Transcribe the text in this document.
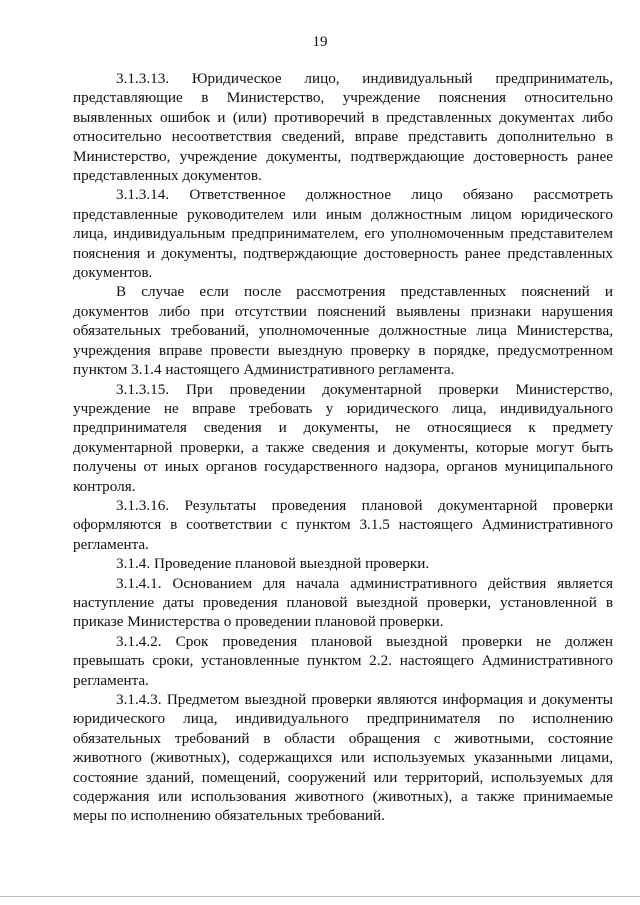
19

3.1.3.13. Юридическое лицо, индивидуальный предприниматель, представляющие в Министерство, учреждение пояснения относительно выявленных ошибок и (или) противоречий в представленных документах либо относительно несоответствия сведений, вправе представить дополнительно в Министерство, учреждение документы, подтверждающие достоверность ранее представленных документов.

3.1.3.14. Ответственное должностное лицо обязано рассмотреть представленные руководителем или иным должностным лицом юридического лица, индивидуальным предпринимателем, его уполномоченным представителем пояснения и документы, подтверждающие достоверность ранее представленных документов.

В случае если после рассмотрения представленных пояснений и документов либо при отсутствии пояснений выявлены признаки нарушения обязательных требований, уполномоченные должностные лица Министерства, учреждения вправе провести выездную проверку в порядке, предусмотренном пунктом 3.1.4 настоящего Административного регламента.

3.1.3.15. При проведении документарной проверки Министерство, учреждение не вправе требовать у юридического лица, индивидуального предпринимателя сведения и документы, не относящиеся к предмету документарной проверки, а также сведения и документы, которые могут быть получены от иных органов государственного надзора, органов муниципального контроля.

3.1.3.16. Результаты проведения плановой документарной проверки оформляются в соответствии с пунктом 3.1.5 настоящего Административного регламента.

3.1.4. Проведение плановой выездной проверки.

3.1.4.1. Основанием для начала административного действия является наступление даты проведения плановой выездной проверки, установленной в приказе Министерства о проведении плановой проверки.

3.1.4.2. Срок проведения плановой выездной проверки не должен превышать сроки, установленные пунктом 2.2. настоящего Административного регламента.

3.1.4.3. Предметом выездной проверки являются информация и документы юридического лица, индивидуального предпринимателя по исполнению обязательных требований в области обращения с животными, состояние животного (животных), содержащихся или используемых указанными лицами, состояние зданий, помещений, сооружений или территорий, используемых для содержания или использования животного (животных), а также принимаемые меры по исполнению обязательных требований.
